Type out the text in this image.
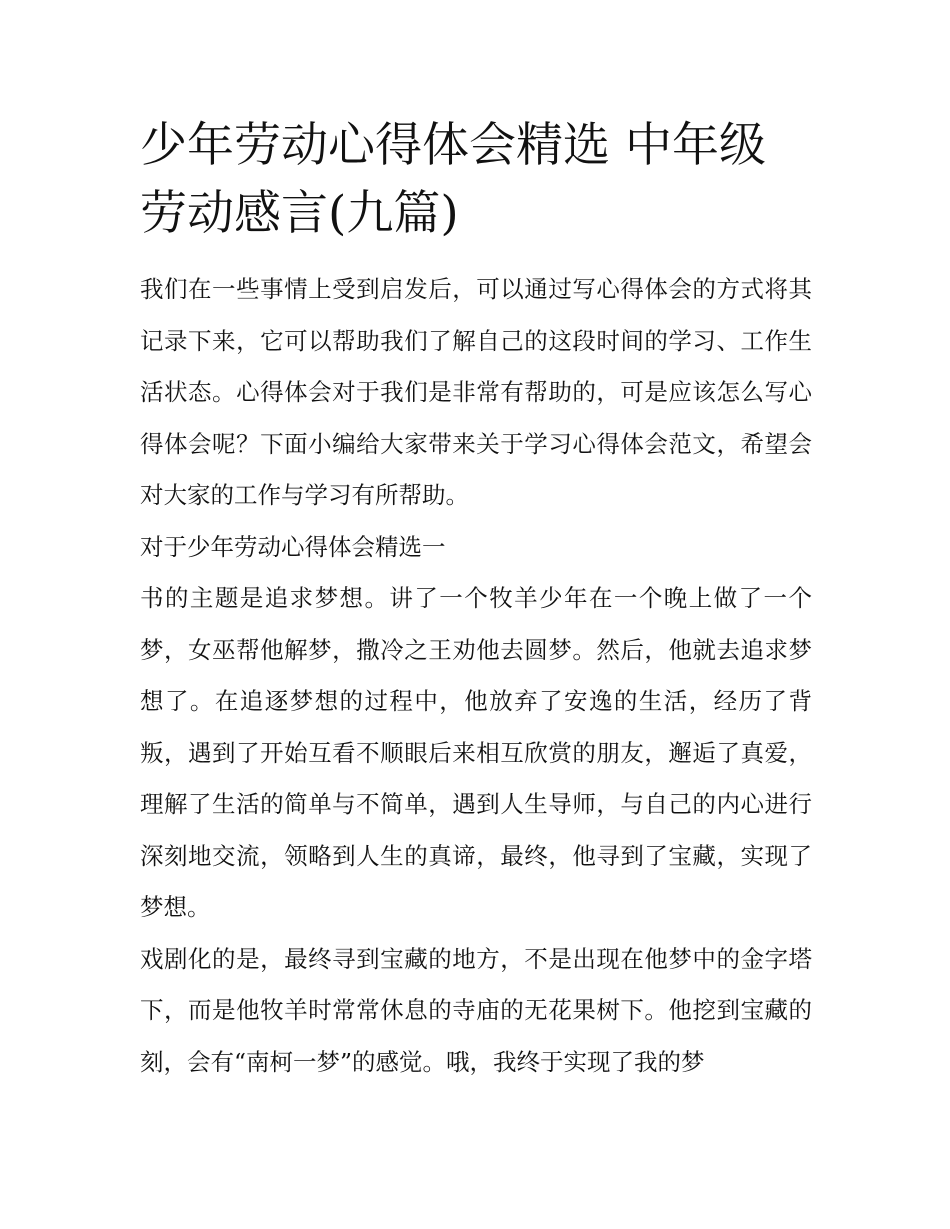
少年劳动心得体会精选 中年级劳动感言(九篇)

我们在一些事情上受到启发后，可以通过写心得体会的方式将其记录下来，它可以帮助我们了解自己的这段时间的学习、工作生活状态。心得体会对于我们是非常有帮助的，可是应该怎么写心得体会呢？下面小编给大家带来关于学习心得体会范文，希望会对大家的工作与学习有所帮助。

对于少年劳动心得体会精选一

书的主题是追求梦想。讲了一个牧羊少年在一个晚上做了一个梦，女巫帮他解梦，撒冷之王劝他去圆梦。然后，他就去追求梦想了。在追逐梦想的过程中，他放弃了安逸的生活，经历了背叛，遇到了开始互看不顺眼后来相互欣赏的朋友，邂逅了真爱，理解了生活的简单与不简单，遇到人生导师，与自己的内心进行深刻地交流，领略到人生的真谛，最终，他寻到了宝藏，实现了梦想。

戏剧化的是，最终寻到宝藏的地方，不是出现在他梦中的金字塔下，而是他牧羊时常常休息的寺庙的无花果树下。他挖到宝藏的刻，会有“南柯一梦”的感觉。哦，我终于实现了我的梦
